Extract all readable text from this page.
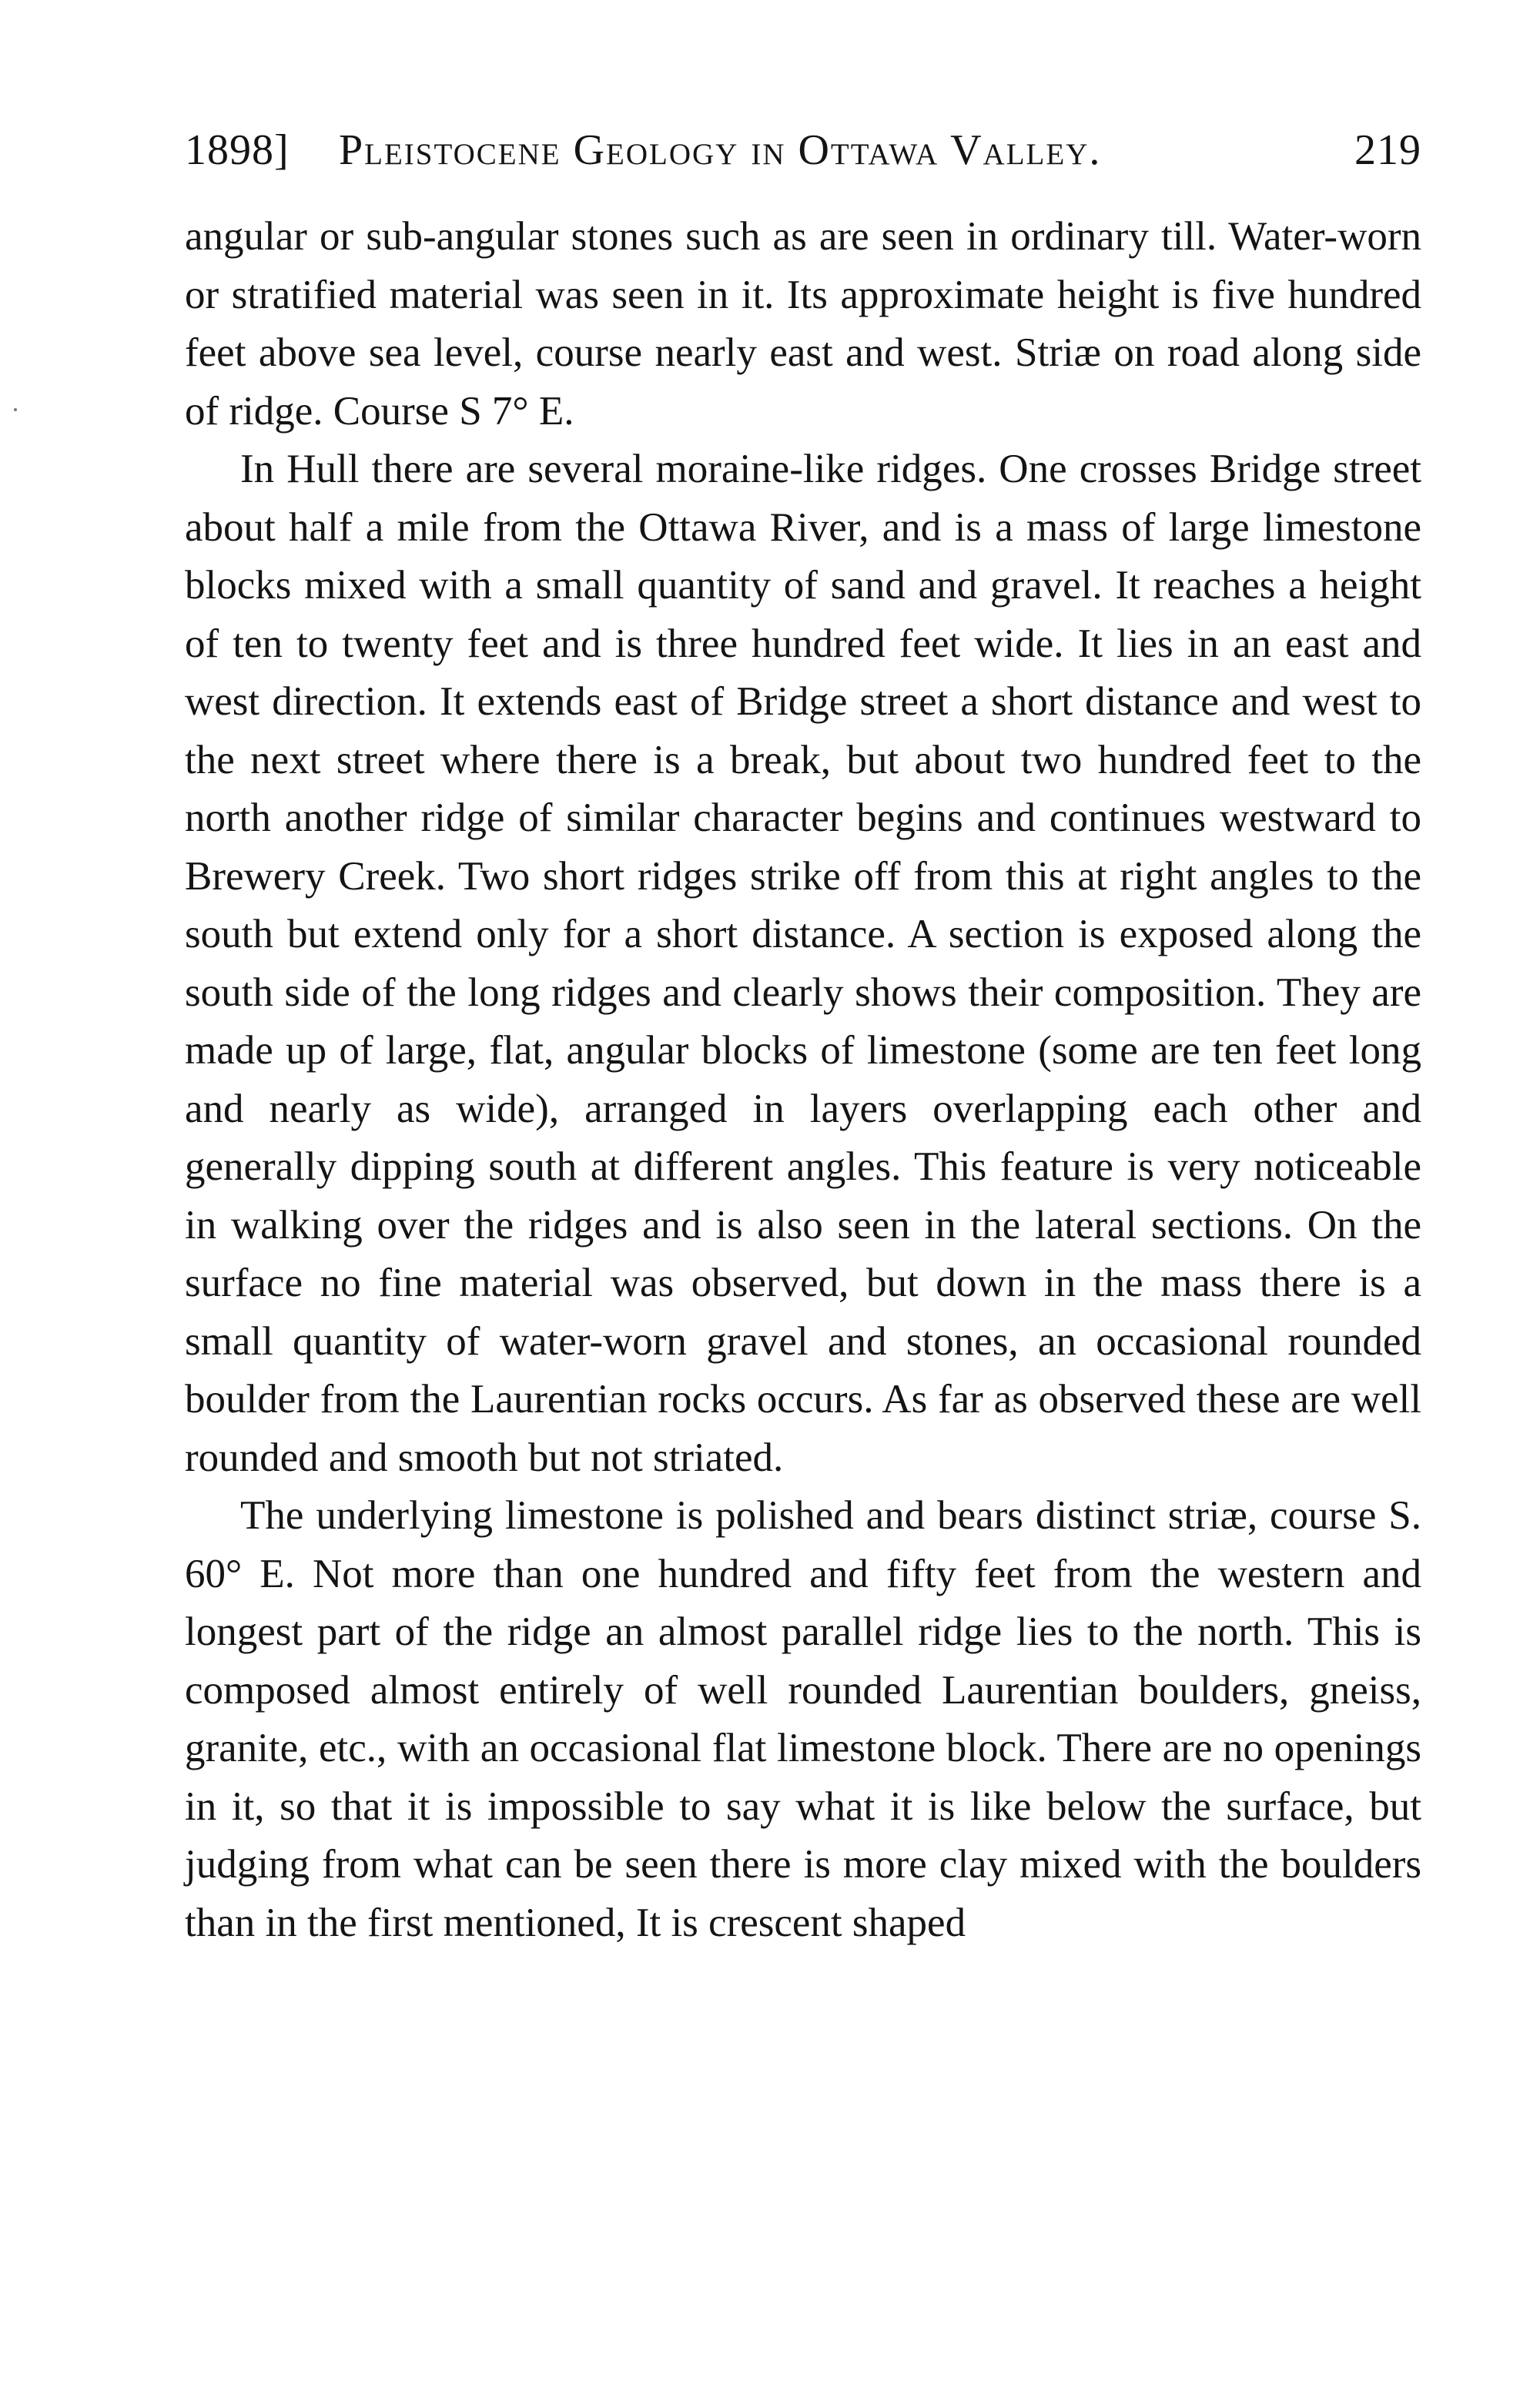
1898] Pleistocene Geology in Ottawa Valley.	219

angular or sub-angular stones such as are seen in ordinary till. Water-worn or stratified material was seen in it. Its approximate height is five hundred feet above sea level, course nearly east and west. Striæ on road along side of ridge. Course S 7° E.

In Hull there are several moraine-like ridges. One crosses Bridge street about half a mile from the Ottawa River, and is a mass of large limestone blocks mixed with a small quantity of sand and gravel. It reaches a height of ten to twenty feet and is three hundred feet wide. It lies in an east and west direction. It extends east of Bridge street a short distance and west to the next street where there is a break, but about two hundred feet to the north another ridge of similar character begins and continues westward to Brewery Creek. Two short ridges strike off from this at right angles to the south but extend only for a short distance. A section is exposed along the south side of the long ridges and clearly shows their composition. They are made up of large, flat, angular blocks of limestone (some are ten feet long and nearly as wide), arranged in layers overlapping each other and generally dipping south at different angles. This feature is very noticeable in walking over the ridges and is also seen in the lateral sections. On the surface no fine material was observed, but down in the mass there is a small quantity of water-worn gravel and stones, an occasional rounded boulder from the Laurentian rocks occurs. As far as observed these are well rounded and smooth but not striated.

The underlying limestone is polished and bears distinct striæ, course S. 60° E. Not more than one hundred and fifty feet from the western and longest part of the ridge an almost parallel ridge lies to the north. This is composed almost entirely of well rounded Laurentian boulders, gneiss, granite, etc., with an occasional flat limestone block. There are no openings in it, so that it is impossible to say what it is like below the surface, but judging from what can be seen there is more clay mixed with the boulders than in the first mentioned, It is crescent shaped
